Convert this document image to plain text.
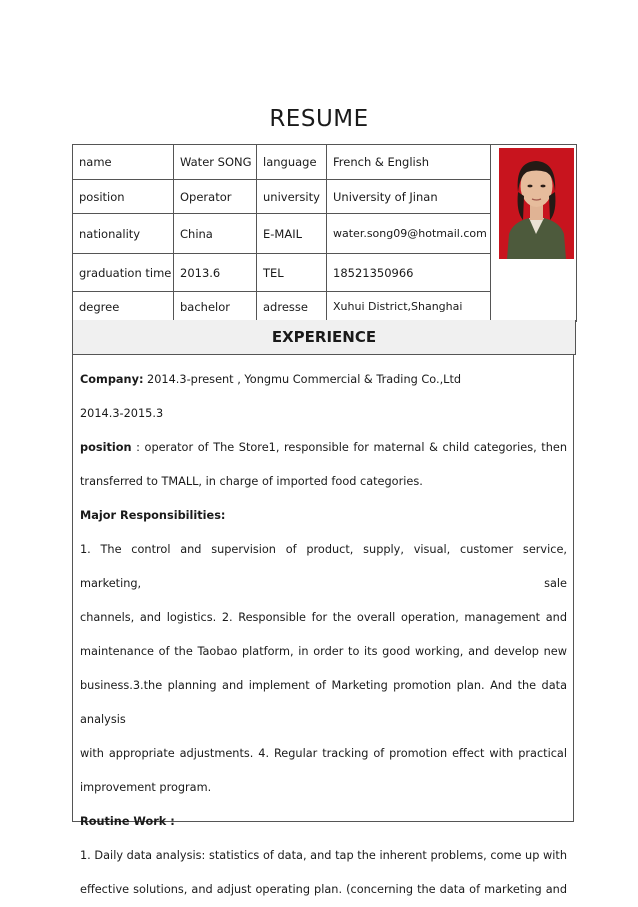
RESUME
name	Water SONG	language	French & English	

position	Operator	university	University of Jinan	
nationality	China	E-MAIL	water.song09@hotmail.com	
graduation time	2013.6	TEL	18521350966	
degree	bachelor	adresse	Xuhui District,Shanghai	
EXPERIENCE

Company: 2014.3-present , Yongmu Commercial & Trading Co.,Ltd

2014.3-2015.3

position : operator of The Store1, responsible for maternal & child categories, then

transferred to TMALL, in charge of imported food categories.

Major Responsibilities:

1. The control and supervision of product, supply, visual, customer service, marketing, sale

channels, and logistics. 2. Responsible for the overall operation, management and

maintenance of the Taobao platform, in order to its good working, and develop new

business.3.the planning and implement of Marketing promotion plan. And the data analysis

with appropriate adjustments. 4. Regular tracking of promotion effect with practical

improvement program.

Routine Work :

1. Daily data analysis: statistics of data, and tap the inherent problems, come up with

effective solutions, and adjust operating plan. (concerning the data of marketing and
